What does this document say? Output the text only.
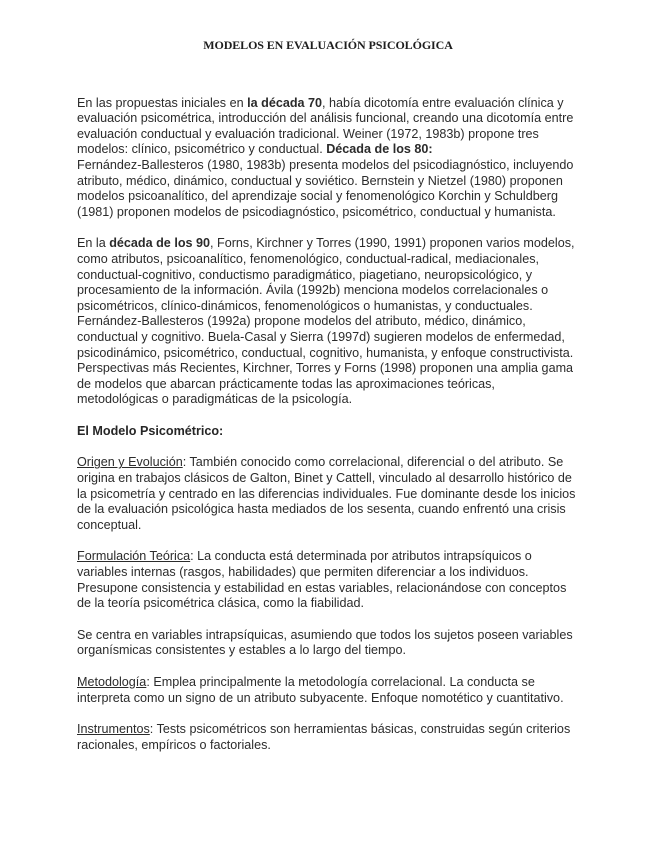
MODELOS EN EVALUACIÓN PSICOLÓGICA

En las propuestas iniciales en la década 70, había dicotomía entre evaluación clínica y evaluación psicométrica, introducción del análisis funcional, creando una dicotomía entre evaluación conductual y evaluación tradicional. Weiner (1972, 1983b) propone tres modelos: clínico, psicométrico y conductual. Década de los 80:
Fernández-Ballesteros (1980, 1983b) presenta modelos del psicodiagnóstico, incluyendo atributo, médico, dinámico, conductual y soviético. Bernstein y Nietzel (1980) proponen modelos psicoanalítico, del aprendizaje social y fenomenológico Korchin y Schuldberg (1981) proponen modelos de psicodiagnóstico, psicométrico, conductual y humanista.

En la década de los 90, Forns, Kirchner y Torres (1990, 1991) proponen varios modelos, como atributos, psicoanalítico, fenomenológico, conductual-radical, mediacionales, conductual-cognitivo, conductismo paradigmático, piagetiano, neuropsicológico, y procesamiento de la información. Ávila (1992b) menciona modelos correlacionales o psicométricos, clínico-dinámicos, fenomenológicos o humanistas, y conductuales. Fernández-Ballesteros (1992a) propone modelos del atributo, médico, dinámico, conductual y cognitivo. Buela-Casal y Sierra (1997d) sugieren modelos de enfermedad, psicodinámico, psicométrico, conductual, cognitivo, humanista, y enfoque constructivista. Perspectivas más Recientes, Kirchner, Torres y Forns (1998) proponen una amplia gama de modelos que abarcan prácticamente todas las aproximaciones teóricas, metodológicas o paradigmáticas de la psicología.

El Modelo Psicométrico:

Origen y Evolución: También conocido como correlacional, diferencial o del atributo. Se origina en trabajos clásicos de Galton, Binet y Cattell, vinculado al desarrollo histórico de la psicometría y centrado en las diferencias individuales. Fue dominante desde los inicios de la evaluación psicológica hasta mediados de los sesenta, cuando enfrentó una crisis conceptual.

Formulación Teórica: La conducta está determinada por atributos intrapsíquicos o variables internas (rasgos, habilidades) que permiten diferenciar a los individuos. Presupone consistencia y estabilidad en estas variables, relacionándose con conceptos de la teoría psicométrica clásica, como la fiabilidad.

Se centra en variables intrapsíquicas, asumiendo que todos los sujetos poseen variables organísmicas consistentes y estables a lo largo del tiempo.

Metodología: Emplea principalmente la metodología correlacional. La conducta se interpreta como un signo de un atributo subyacente. Enfoque nomotético y cuantitativo.

Instrumentos: Tests psicométricos son herramientas básicas, construidas según criterios racionales, empíricos o factoriales.
